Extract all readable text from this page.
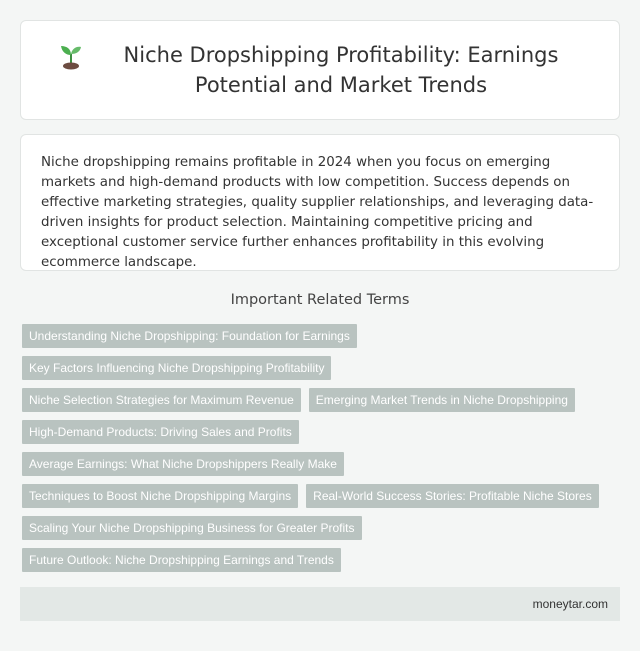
Niche Dropshipping Profitability: Earnings Potential and Market Trends

Niche dropshipping remains profitable in 2024 when you focus on emerging markets and high-demand products with low competition. Success depends on effective marketing strategies, quality supplier relationships, and leveraging data-driven insights for product selection. Maintaining competitive pricing and exceptional customer service further enhances profitability in this evolving ecommerce landscape.

Important Related Terms
Understanding Niche Dropshipping: Foundation for Earnings
Key Factors Influencing Niche Dropshipping Profitability
Niche Selection Strategies for Maximum Revenue	Emerging Market Trends in Niche Dropshipping
High-Demand Products: Driving Sales and Profits
Average Earnings: What Niche Dropshippers Really Make
Techniques to Boost Niche Dropshipping Margins	Real-World Success Stories: Profitable Niche Stores
Scaling Your Niche Dropshipping Business for Greater Profits
Future Outlook: Niche Dropshipping Earnings and Trends
moneytar.com
